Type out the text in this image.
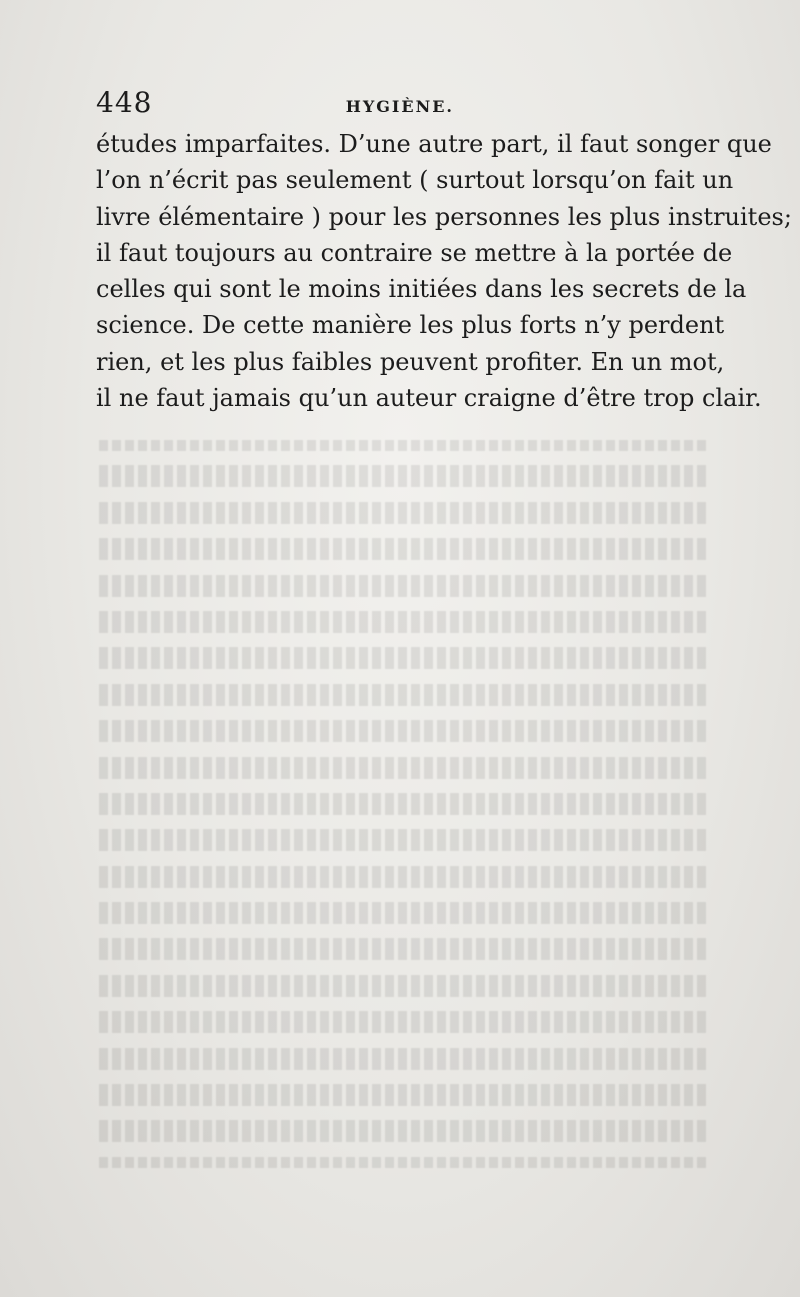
448	HYGIÈNE.
études imparfaites. D’une autre part, il faut songer que
l’on n’écrit pas seulement ( surtout lorsqu’on fait un
livre élémentaire ) pour les personnes les plus instruites;
il faut toujours au contraire se mettre à la portée de
celles qui sont le moins initiées dans les secrets de la
science. De cette manière les plus forts n’y perdent
rien, et les plus faibles peuvent profiter. En un mot,
il ne faut jamais qu’un auteur craigne d’être trop clair.
